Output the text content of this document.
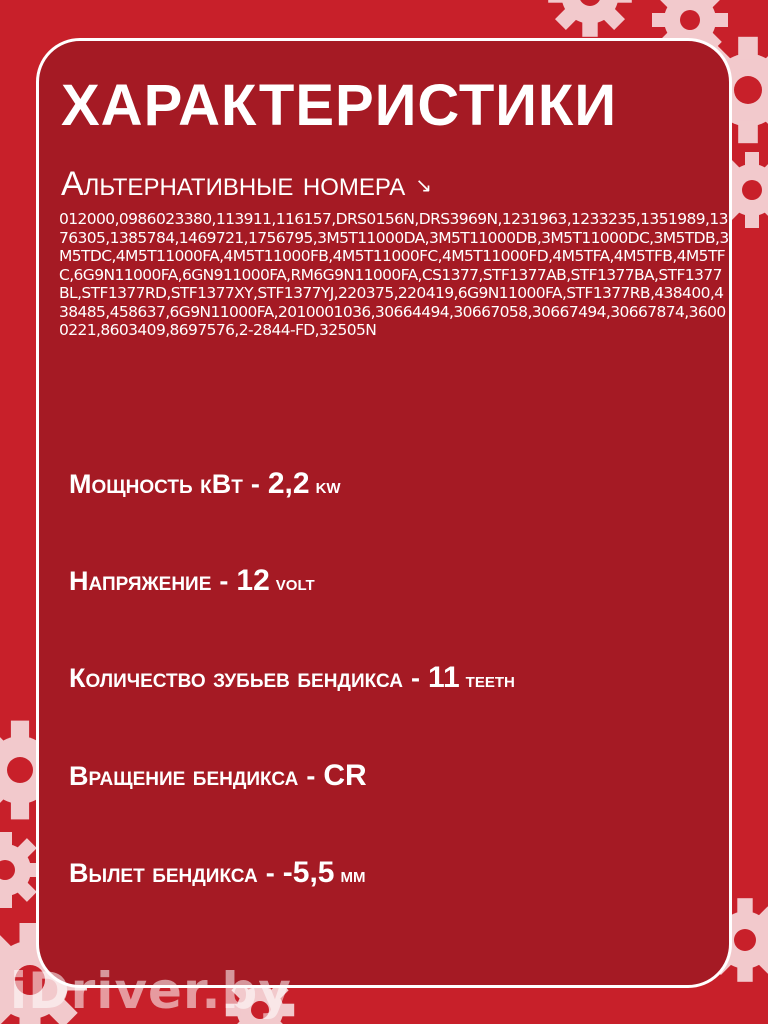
ХАРАКТЕРИСТИКИ
Альтернативные номера ↘
012000,0986023380,113911,116157,DRS0156N,DRS3969N,1231963,1233235,1351989,1376305,1385784,1469721,1756795,3M5T11000DA,3M5T11000DB,3M5T11000DC,3M5TDB,3M5TDC,4M5T11000FA,4M5T11000FB,4M5T11000FC,4M5T11000FD,4M5TFA,4M5TFB,4M5TFC,6G9N11000FA,6GN911000FA,RM6G9N11000FA,CS1377,STF1377AB,STF1377BA,STF1377BL,STF1377RD,STF1377XY,STF1377YJ,220375,220419,6G9N11000FA,STF1377RB,438400,438485,458637,6G9N11000FA,2010001036,30664494,30667058,30667494,30667874,36000221,8603409,8697576,2-2844-FD,32505N
Мощность кВт - 2,2 kw
Напряжение - 12 volt
Количество зубьев бендикса - 11 teeth
Вращение бендикса - CR
Вылет бендикса - -5,5 мм
iDriver.by
